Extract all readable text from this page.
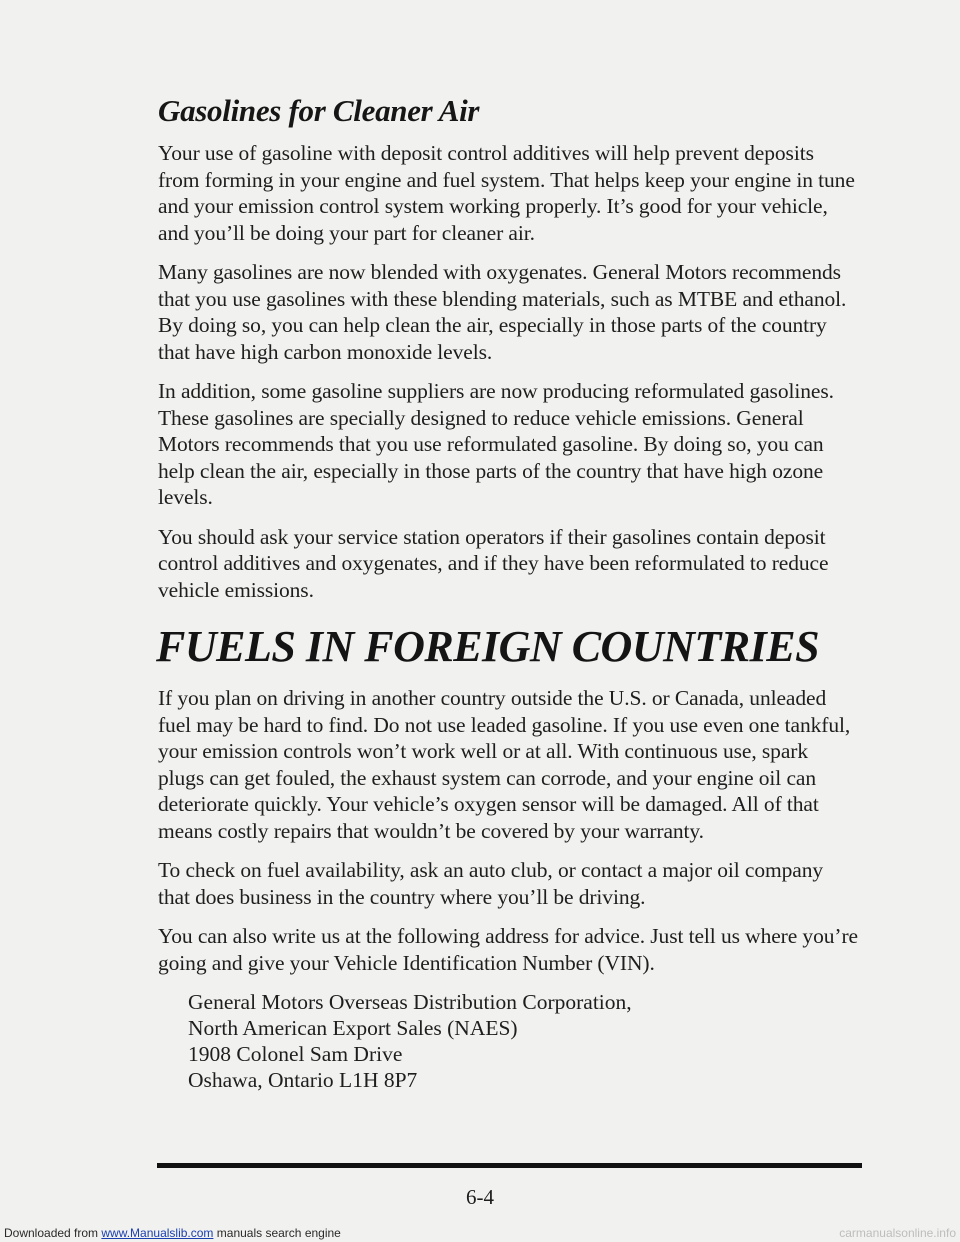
Gasolines for Cleaner Air

Your use of gasoline with deposit control additives will help prevent deposits from forming in your engine and fuel system. That helps keep your engine in tune and your emission control system working properly. It’s good for your vehicle, and you’ll be doing your part for cleaner air.

Many gasolines are now blended with oxygenates. General Motors recommends that you use gasolines with these blending materials, such as MTBE and ethanol. By doing so, you can help clean the air, especially in those parts of the country that have high carbon monoxide levels.

In addition, some gasoline suppliers are now producing reformulated gasolines. These gasolines are specially designed to reduce vehicle emissions. General Motors recommends that you use reformulated gasoline. By doing so, you can help clean the air, especially in those parts of the country that have high ozone levels.

You should ask your service station operators if their gasolines contain deposit control additives and oxygenates, and if they have been reformulated to reduce vehicle emissions.

FUELS IN FOREIGN COUNTRIES

If you plan on driving in another country outside the U.S. or Canada, unleaded fuel may be hard to find. Do not use leaded gasoline. If you use even one tankful, your emission controls won’t work well or at all. With continuous use, spark plugs can get fouled, the exhaust system can corrode, and your engine oil can deteriorate quickly. Your vehicle’s oxygen sensor will be damaged. All of that means costly repairs that wouldn’t be covered by your warranty.

To check on fuel availability, ask an auto club, or contact a major oil company that does business in the country where you’ll be driving.

You can also write us at the following address for advice. Just tell us where you’re going and give your Vehicle Identification Number (VIN).

General Motors Overseas Distribution Corporation,
North American Export Sales (NAES)
1908 Colonel Sam Drive
Oshawa, Ontario L1H 8P7
6-4
Downloaded from www.Manualslib.com manuals search engine	carmanualsonline.info
